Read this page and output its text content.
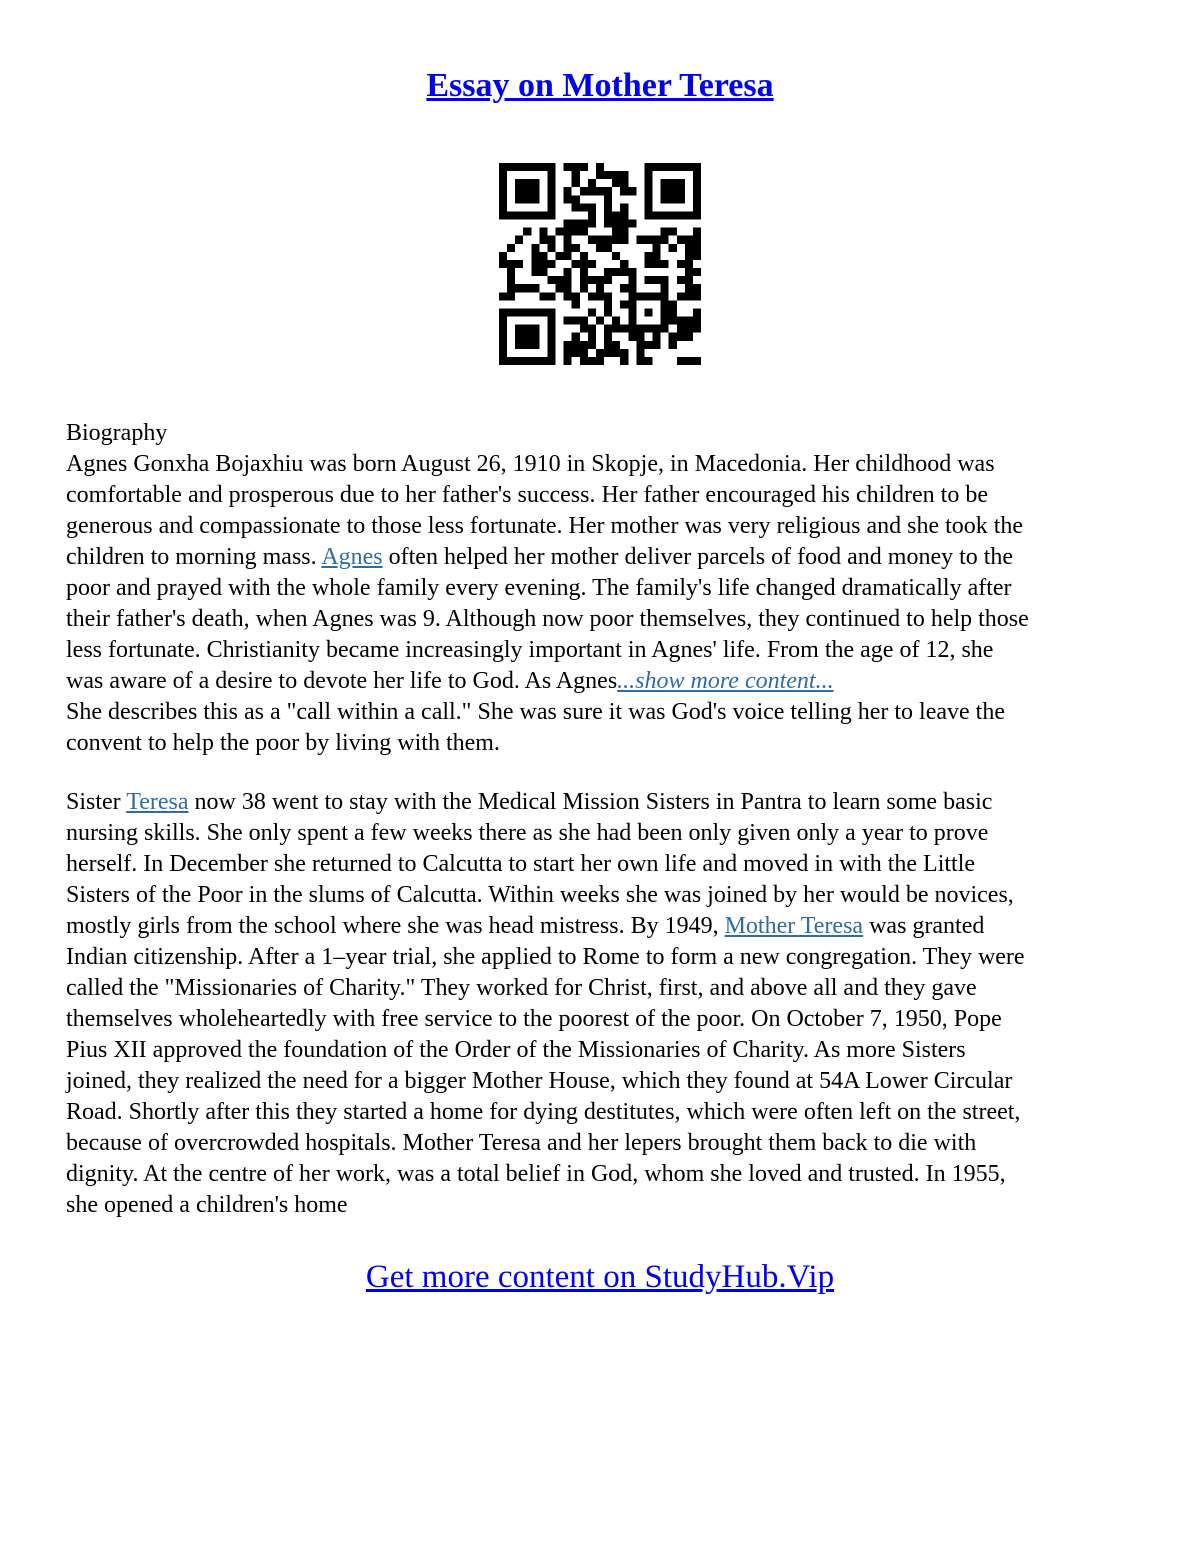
Essay on Mother Teresa
Biography
Agnes Gonxha Bojaxhiu was born August 26, 1910 in Skopje, in Macedonia. Her childhood was
comfortable and prosperous due to her father's success. Her father encouraged his children to be
generous and compassionate to those less fortunate. Her mother was very religious and she took the
children to morning mass. Agnes often helped her mother deliver parcels of food and money to the
poor and prayed with the whole family every evening. The family's life changed dramatically after
their father's death, when Agnes was 9. Although now poor themselves, they continued to help those
less fortunate. Christianity became increasingly important in Agnes' life. From the age of 12, she
was aware of a desire to devote her life to God. As Agnes...show more content...
She describes this as a "call within a call." She was sure it was God's voice telling her to leave the
convent to help the poor by living with them.
Sister Teresa now 38 went to stay with the Medical Mission Sisters in Pantra to learn some basic
nursing skills. She only spent a few weeks there as she had been only given only a year to prove
herself. In December she returned to Calcutta to start her own life and moved in with the Little
Sisters of the Poor in the slums of Calcutta. Within weeks she was joined by her would be novices,
mostly girls from the school where she was head mistress. By 1949, Mother Teresa was granted
Indian citizenship. After a 1–year trial, she applied to Rome to form a new congregation. They were
called the "Missionaries of Charity." They worked for Christ, first, and above all and they gave
themselves wholeheartedly with free service to the poorest of the poor. On October 7, 1950, Pope
Pius XII approved the foundation of the Order of the Missionaries of Charity. As more Sisters
joined, they realized the need for a bigger Mother House, which they found at 54A Lower Circular
Road. Shortly after this they started a home for dying destitutes, which were often left on the street,
because of overcrowded hospitals. Mother Teresa and her lepers brought them back to die with
dignity. At the centre of her work, was a total belief in God, whom she loved and trusted. In 1955,
she opened a children's home
Get more content on StudyHub.Vip
